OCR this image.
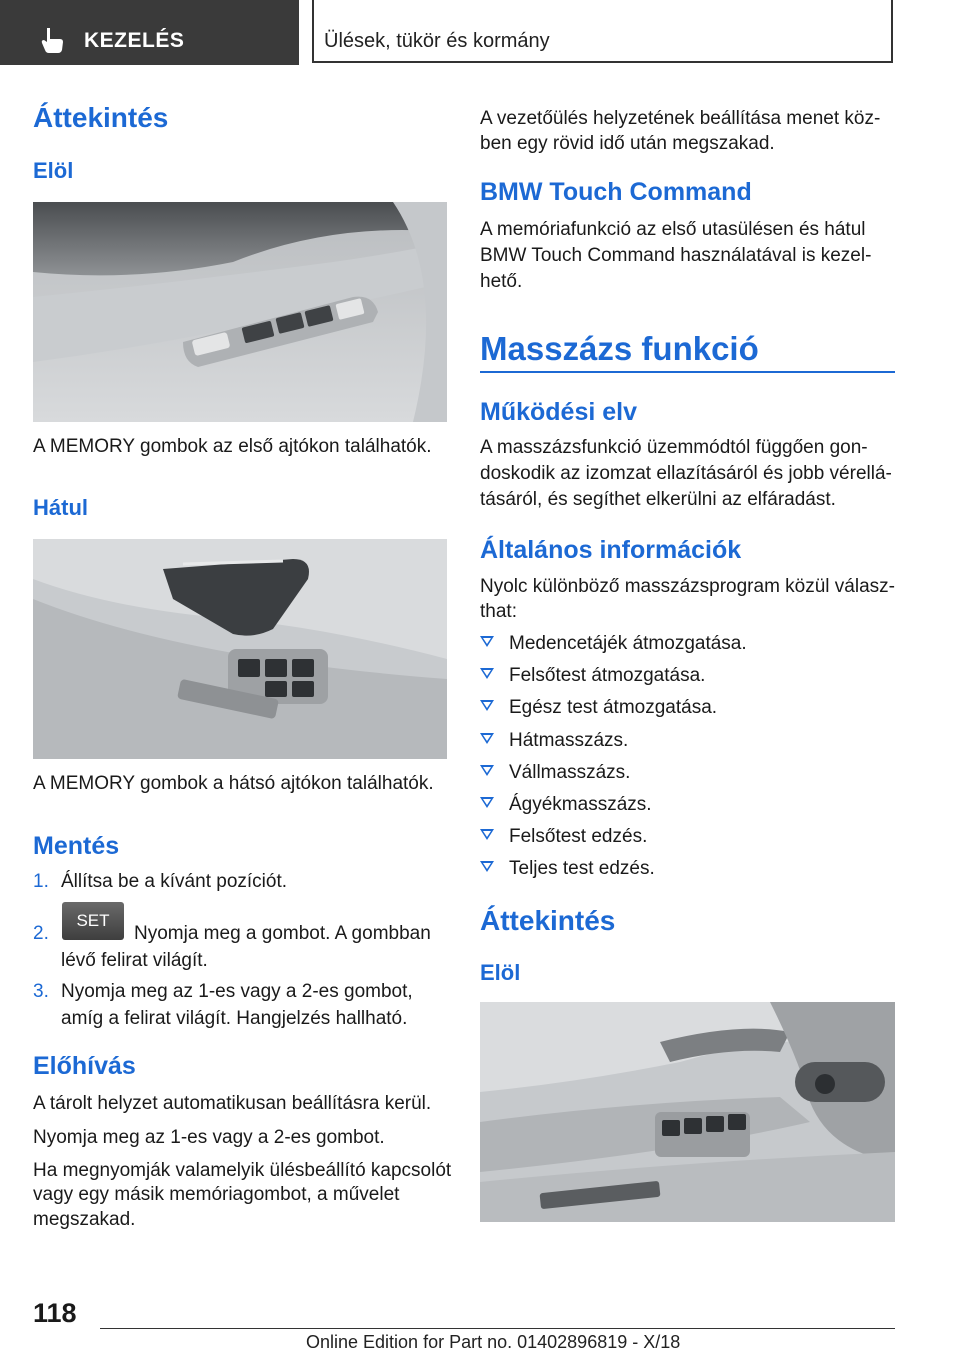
KEZELÉS	Ülések, tükör és kormány
Áttekintés
Elöl
A MEMORY gombok az első ajtókon találhatók.
Hátul
A MEMORY gombok a hátsó ajtókon találhatók.
Mentés
1. Állítsa be a kívánt pozíciót.
2.	Nyomja meg a gombot. A gombban
lévő felirat világít.
SET
3. Nyomja meg az 1-es vagy a 2-es gombot,
amíg a felirat világít. Hangjelzés hallható.
Előhívás
A tárolt helyzet automatikusan beállításra kerül.
Nyomja meg az 1-es vagy a 2-es gombot.
Ha megnyomják valamelyik ülésbeállító kapcsolót
vagy egy másik memóriagombot, a művelet
megszakad.
A vezetőülés helyzetének beállítása menet köz-
ben egy rövid idő után megszakad.
BMW Touch Command
A memóriafunkció az első utasülésen és hátul
BMW Touch Command használatával is kezel-
hető.
Masszázs funkció
Működési elv
A masszázsfunkció üzemmódtól függően gon-
doskodik az izomzat ellazításáról és jobb vérellá-
tásáról, és segíthet elkerülni az elfáradást.
Általános információk
Nyolc különböző masszázsprogram közül válasz-
that:
Medencetájék átmozgatása.
Felsőtest átmozgatása.
Egész test átmozgatása.
Hátmasszázs.
Vállmasszázs.
Ágyékmasszázs.
Felsőtest edzés.
Teljes test edzés.
Áttekintés
Elöl
118
Online Edition for Part no. 01402896819 - X/18
